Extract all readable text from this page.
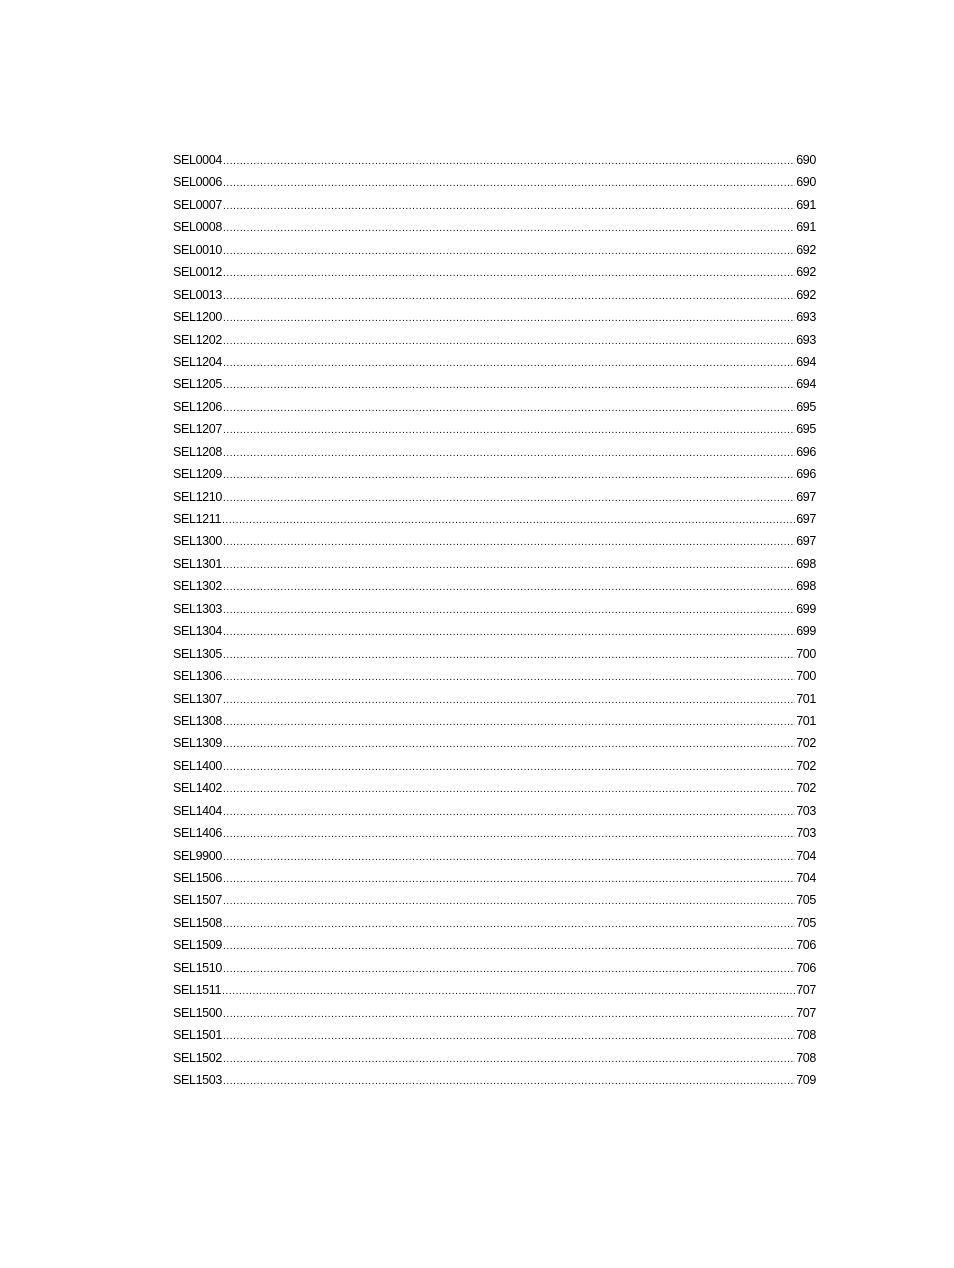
SEL0004 .....	690
SEL0006 .....	690
SEL0007 .....	691
SEL0008 .....	691
SEL0010 .....	692
SEL0012 .....	692
SEL0013 .....	692
SEL1200 .....	693
SEL1202 .....	693
SEL1204 .....	694
SEL1205 .....	694
SEL1206 .....	695
SEL1207 .....	695
SEL1208 .....	696
SEL1209 .....	696
SEL1210 .....	697
SEL1211 .....	697
SEL1300 .....	697
SEL1301 .....	698
SEL1302 .....	698
SEL1303 .....	699
SEL1304 .....	699
SEL1305 .....	700
SEL1306 .....	700
SEL1307 .....	701
SEL1308 .....	701
SEL1309 .....	702
SEL1400 .....	702
SEL1402 .....	702
SEL1404 .....	703
SEL1406 .....	703
SEL9900 .....	704
SEL1506 .....	704
SEL1507 .....	705
SEL1508 .....	705
SEL1509 .....	706
SEL1510 .....	706
SEL1511 .....	707
SEL1500 .....	707
SEL1501 .....	708
SEL1502 .....	708
SEL1503 .....	709
